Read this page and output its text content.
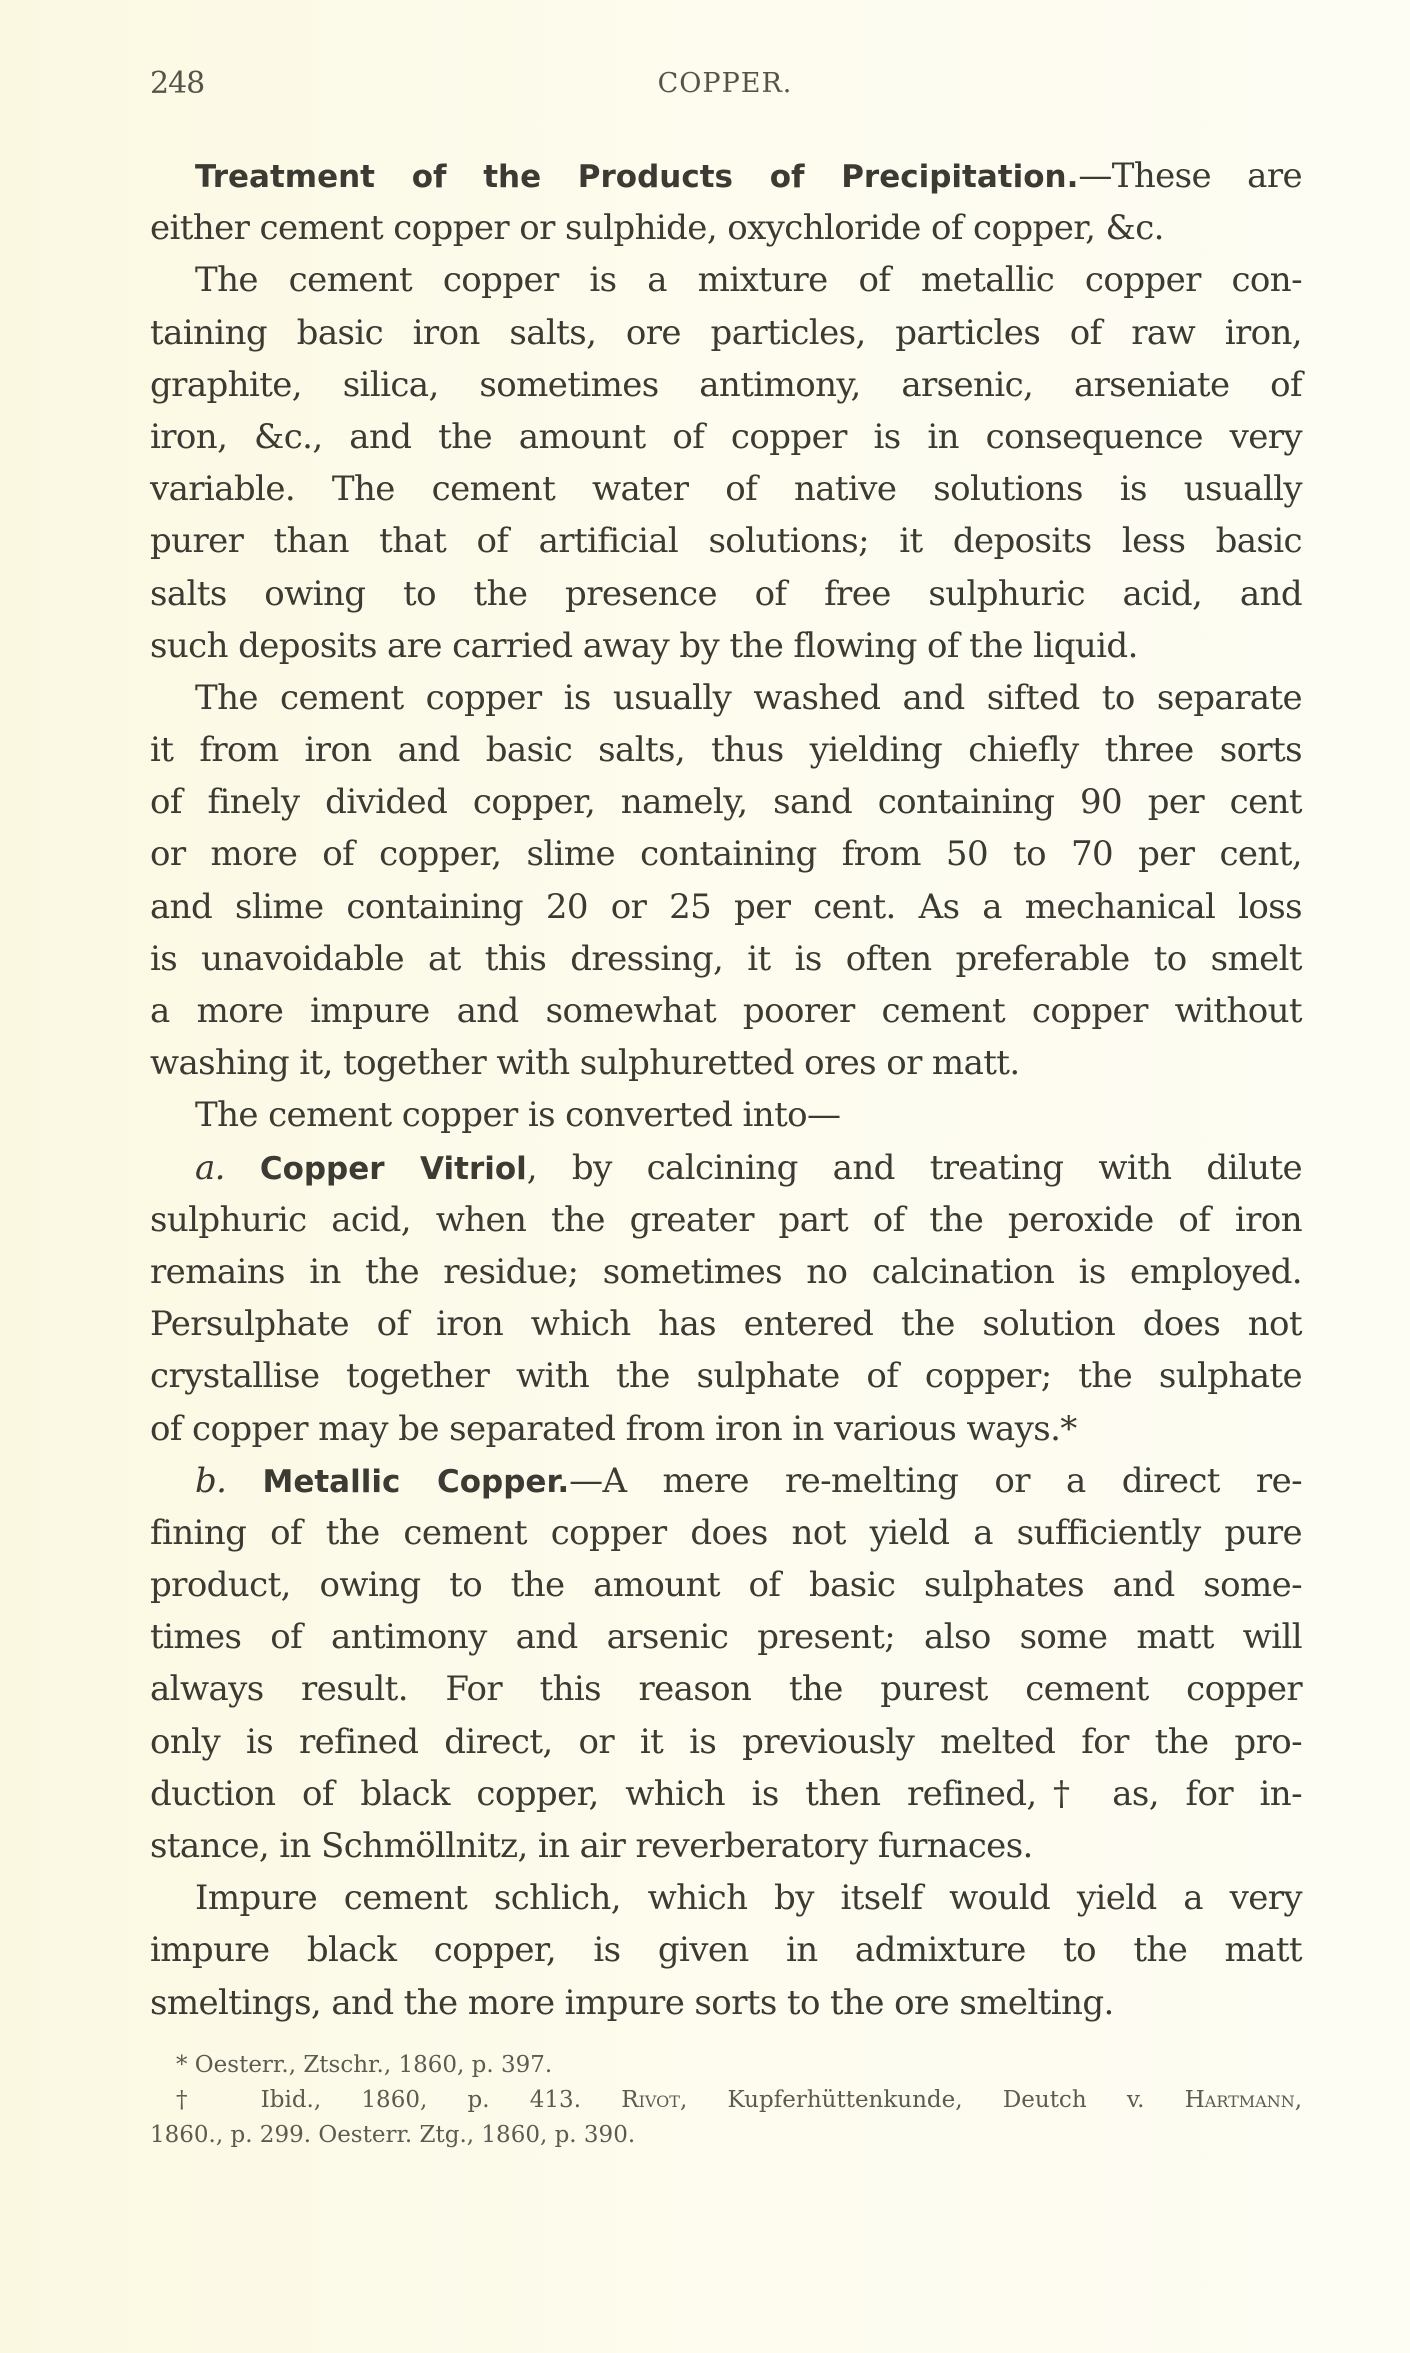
248	COPPER.
Treatment of the Products of Precipitation.—These are
either cement copper or sulphide, oxychloride of copper, &c.
The cement copper is a mixture of metallic copper con-
taining basic iron salts, ore particles, particles of raw iron,
graphite, silica, sometimes antimony, arsenic, arseniate of
iron, &c., and the amount of copper is in consequence very
variable. The cement water of native solutions is usually
purer than that of artificial solutions; it deposits less basic
salts owing to the presence of free sulphuric acid, and
such deposits are carried away by the flowing of the liquid.
The cement copper is usually washed and sifted to separate
it from iron and basic salts, thus yielding chiefly three sorts
of finely divided copper, namely, sand containing 90 per cent
or more of copper, slime containing from 50 to 70 per cent,
and slime containing 20 or 25 per cent. As a mechanical loss
is unavoidable at this dressing, it is often preferable to smelt
a more impure and somewhat poorer cement copper without
washing it, together with sulphuretted ores or matt.
The cement copper is converted into—
a. Copper Vitriol, by calcining and treating with dilute
sulphuric acid, when the greater part of the peroxide of iron
remains in the residue; sometimes no calcination is employed.
Persulphate of iron which has entered the solution does not
crystallise together with the sulphate of copper; the sulphate
of copper may be separated from iron in various ways.*
b. Metallic Copper.—A mere re-melting or a direct re-
fining of the cement copper does not yield a sufficiently pure
product, owing to the amount of basic sulphates and some-
times of antimony and arsenic present; also some matt will
always result. For this reason the purest cement copper
only is refined direct, or it is previously melted for the pro-
duction of black copper, which is then refined,† as, for in-
stance, in Schmöllnitz, in air reverberatory furnaces.
Impure cement schlich, which by itself would yield a very
impure black copper, is given in admixture to the matt
smeltings, and the more impure sorts to the ore smelting.
* Oesterr., Ztschr., 1860, p. 397.
† Ibid., 1860, p. 413. Rivot, Kupferhüttenkunde, Deutch v. Hartmann,
1860., p. 299. Oesterr. Ztg., 1860, p. 390.
